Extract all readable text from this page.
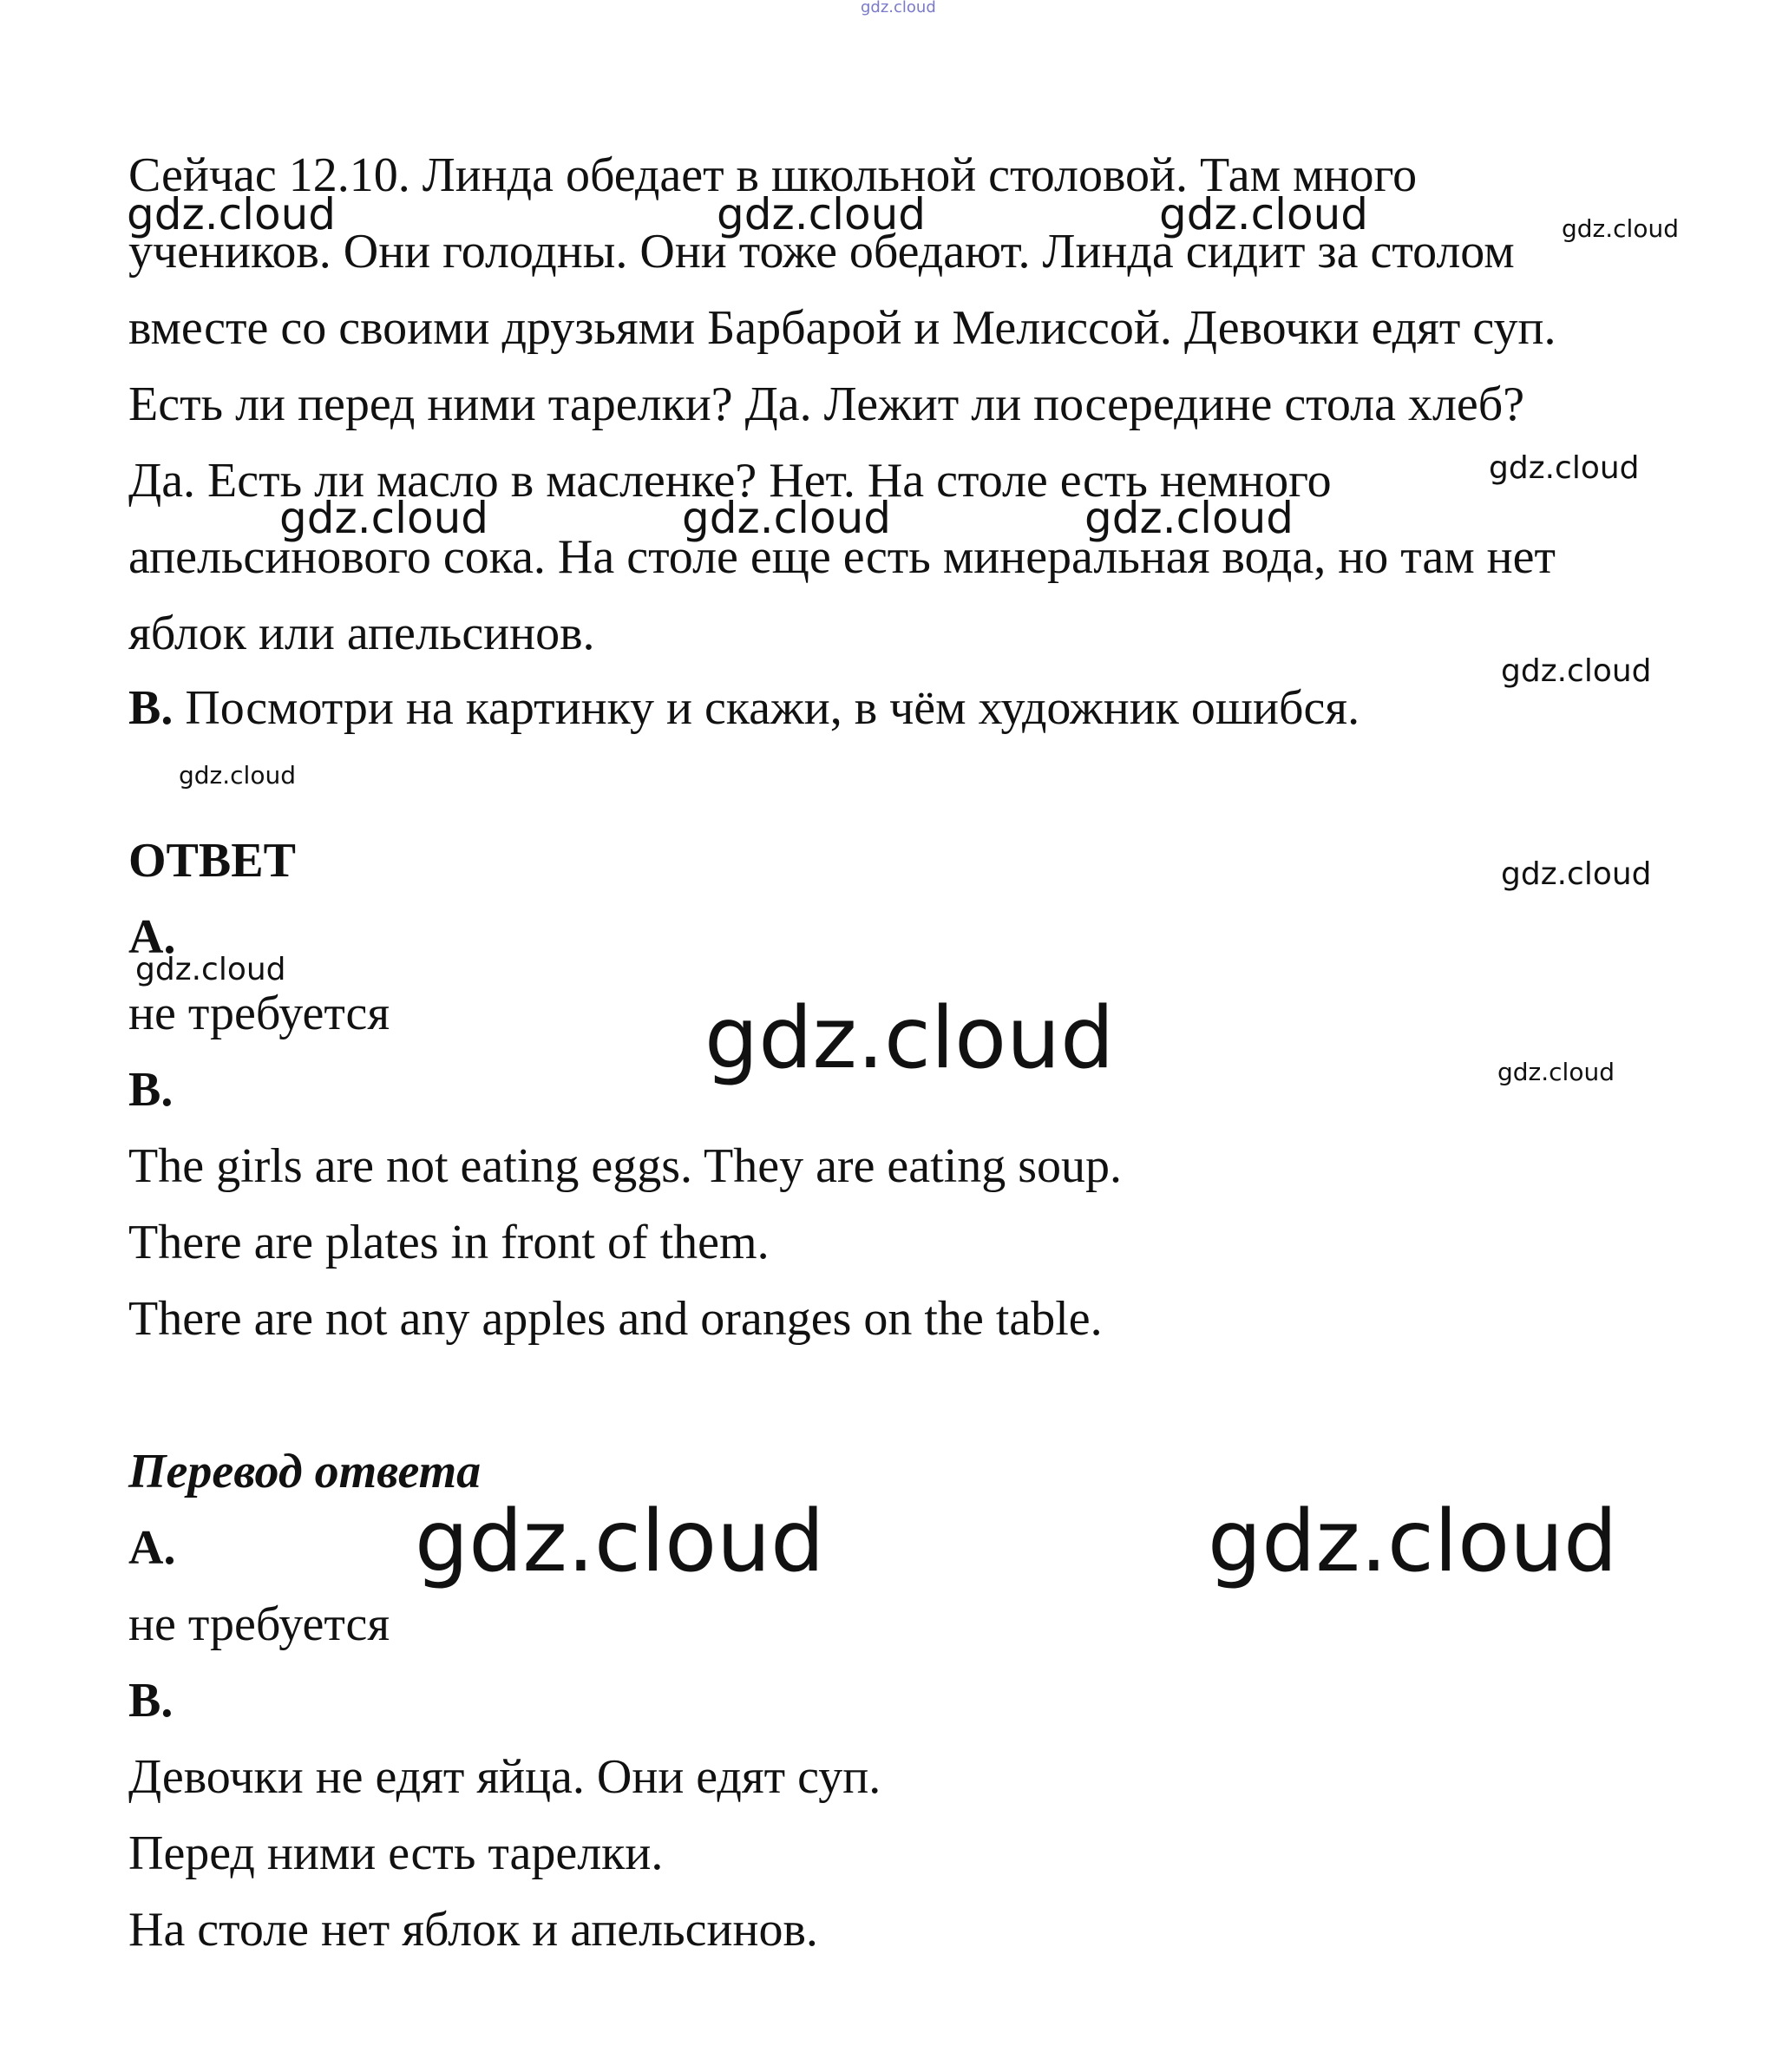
gdz.cloud
gdz.cloud	gdz.cloud	gdz.cloud	gdz.cloud
gdz.cloud
gdz.cloud	gdz.cloud	gdz.cloud
gdz.cloud
gdz.cloud
gdz.cloud
gdz.cloud
gdz.cloud	gdz.cloud
gdz.cloud	gdz.cloud

Сейчас 12.10. Линда обедает в школьной столовой. Там много

учеников. Они голодны. Они тоже обедают. Линда сидит за столом

вместе со своими друзьями Барбарой и Мелиссой. Девочки едят суп.

Есть ли перед ними тарелки? Да. Лежит ли посередине стола хлеб?

Да. Есть ли масло в масленке? Нет. На столе есть немного

апельсинового сока. На столе еще есть минеральная вода, но там нет

яблок или апельсинов.

B. Посмотри на картинку и скажи, в чём художник ошибся.

ОТВЕТ

A.

не требуется

B.

The girls are not eating eggs. They are eating soup.

There are plates in front of them.

There are not any apples and oranges on the table.

Перевод ответа

A.

не требуется

B.

Девочки не едят яйца. Они едят суп.

Перед ними есть тарелки.

На столе нет яблок и апельсинов.
